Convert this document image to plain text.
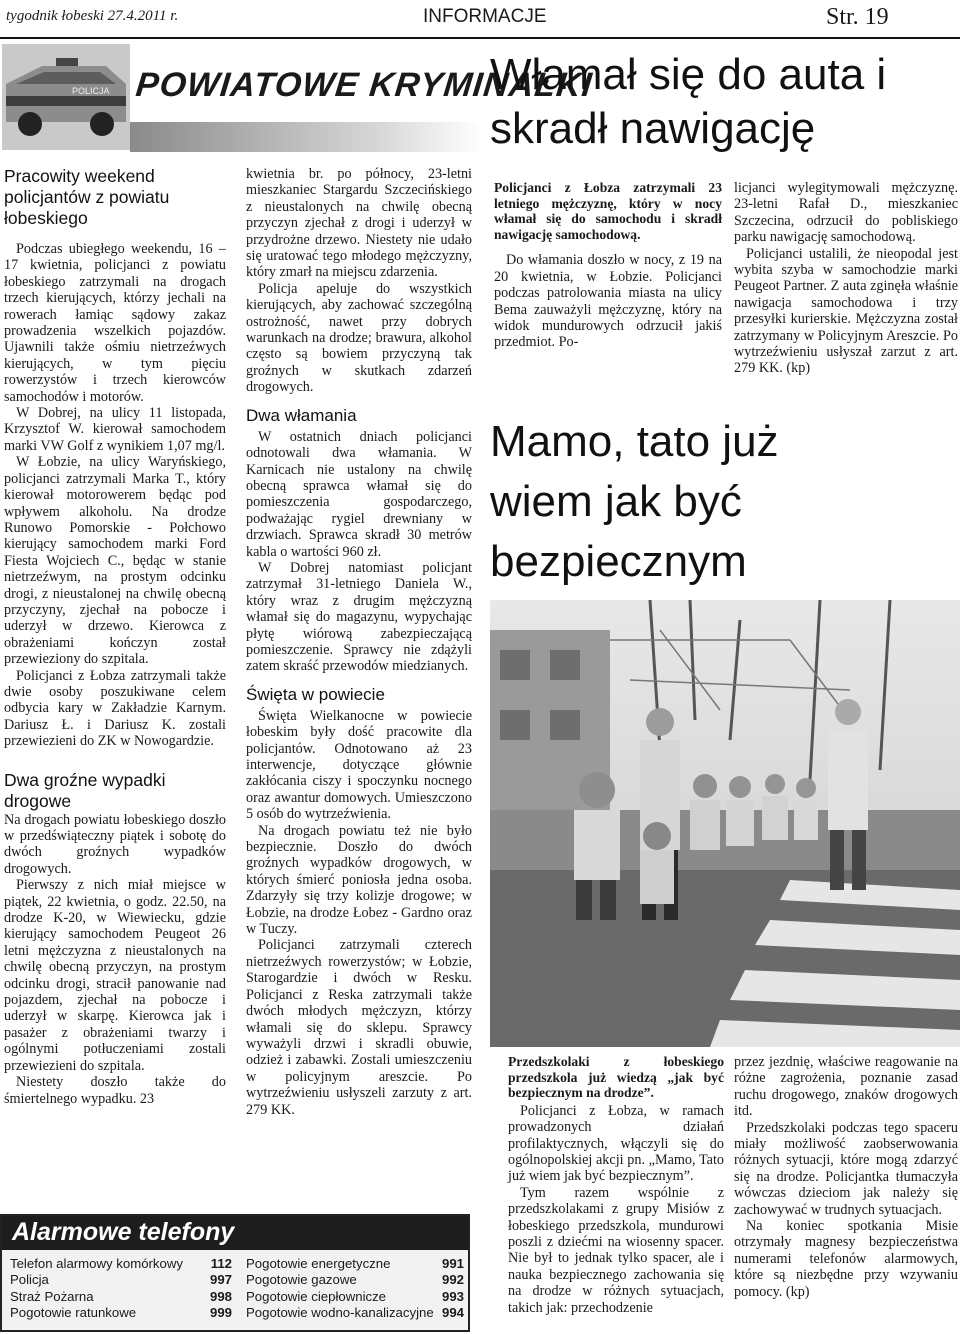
tygodnik łobeski 27.4.2011 r.	INFORMACJE	Str. 19
POLICJA POWIATOWE KRYMINAŁKI
Pracowity weekend policjantów z powiatu łobeskiego

Podczas ubiegłego weekendu, 16 – 17 kwietnia, policjanci z powiatu łobeskiego zatrzymali na drogach trzech kierujących, którzy jechali na rowerach łamiąc sądowy zakaz prowadzenia wszelkich pojazdów. Ujawnili także ośmiu nietrzeźwych kierujących, w tym pięciu rowerzystów i trzech kierowców samochodów i motorów.

W Dobrej, na ulicy 11 listopada, Krzysztof W. kierował samochodem marki VW Golf z wynikiem 1,07 mg/l.

W Łobzie, na ulicy Waryńskiego, policjanci zatrzymali Marka T., który kierował motorowerem będąc pod wpływem alkoholu. Na drodze Runowo Pomorskie - Połchowo kierujący samochodem marki Ford Fiesta Wojciech C., będąc w stanie nietrzeźwym, na prostym odcinku drogi, z nieustalonej na chwilę obecną przyczyny, zjechał na pobocze i uderzył w drzewo. Kierowca z obrażeniami kończyn został przewieziony do szpitala.

Policjanci z Łobza zatrzymali także dwie osoby poszukiwane celem odbycia kary w Zakładzie Karnym. Dariusz Ł. i Dariusz K. zostali przewiezieni do ZK w Nowogardzie.

Dwa groźne wypadki drogowe

Na drogach powiatu łobeskiego doszło w przedświąteczny piątek i sobotę do dwóch groźnych wypadków drogowych.

Pierwszy z nich miał miejsce w piątek, 22 kwietnia, o godz. 22.50, na drodze K-20, w Wiewiecku, gdzie kierujący samochodem Peugeot 26 letni mężczyzna z nieustalonych na chwilę obecną przyczyn, na prostym odcinku drogi, stracił panowanie nad pojazdem, zjechał na pobocze i uderzył w skarpę. Kierowca jak i pasażer z obrażeniami twarzy i ogólnymi potłuczeniami zostali przewiezieni do szpitala.

Niestety doszło także do śmiertelnego wypadku. 23

kwietnia br. po północy, 23-letni mieszkaniec Stargardu Szczecińskiego z nieustalonych na chwilę obecną przyczyn zjechał z drogi i uderzył w przydrożne drzewo. Niestety nie udało się uratować tego młodego mężczyzny, który zmarł na miejscu zdarzenia.

Policja apeluje do wszystkich kierujących, aby zachować szczególną ostrożność, nawet przy dobrych warunkach na drodze; brawura, alkohol często są bowiem przyczyną tak groźnych w skutkach zdarzeń drogowych.

Dwa włamania

W ostatnich dniach policjanci odnotowali dwa włamania. W Karnicach nie ustalony na chwilę obecną sprawca włamał się do pomieszczenia gospodarczego, podważając rygiel drewniany w drzwiach. Sprawca skradł 30 metrów kabla o wartości 960 zł.

W Dobrej natomiast policjant zatrzymał 31-letniego Daniela W., który wraz z drugim mężczyzną włamał się do magazynu, wypychając płytę wiórową zabezpieczającą pomieszczenie. Sprawcy nie zdążyli zatem skraść przewodów miedzianych.

Święta w powiecie

Święta Wielkanocne w powiecie łobeskim były dość pracowite dla policjantów. Odnotowano aż 23 interwencje, dotyczące głównie zakłócania ciszy i spoczynku nocnego oraz awantur domowych. Umieszczono 5 osób do wytrzeźwienia.

Na drogach powiatu też nie było bezpiecznie. Doszło do dwóch groźnych wypadków drogowych, w których śmierć poniosła jedna osoba. Zdarzyły się trzy kolizje drogowe; w Łobzie, na drodze Łobez - Gardno oraz w Tuczy.

Policjanci zatrzymali czterech nietrzeźwych rowerzystów; w Łobzie, Starogardzie i dwóch w Resku. Policjanci z Reska zatrzymali także dwóch młodych mężczyzn, którzy włamali się do sklepu. Sprawcy wyważyli drzwi i skradli obuwie, odzież i zabawki. Zostali umieszczeniu w policyjnym areszcie. Po wytrzeźwieniu usłyszeli zarzuty z art. 279 KK.

Alarmowe telefony
Telefon alarmowy komórkowy 112
Policja	997
Straż Pożarna	998
Pogotowie ratunkowe	999
Pogotowie energetyczne	991
Pogotowie gazowe	992
Pogotowie ciepłownicze	993
Pogotowie wodno-kanalizacyjne 994
Włamał się do auta i skradł nawigację
Policjanci z Łobza zatrzymali 23 letniego mężczyznę, który w nocy włamał się do samochodu i skradł nawigację samochodową.

Do włamania doszło w nocy, z 19 na 20 kwietnia, w Łobzie. Policjanci podczas patrolowania miasta na ulicy Bema zauważyli mężczyznę, który na widok mundurowych odrzucił jakiś przedmiot. Po-

licjanci wylegitymowali mężczyznę. 23-letni Rafał D., mieszkaniec Szczecina, odrzucił do pobliskiego parku nawigację samochodową.

Policjanci ustalili, że nieopodal jest wybita szyba w samochodzie marki Peugeot Partner. Z auta zginęła właśnie nawigacja samochodowa i trzy przesyłki kurierskie. Mężczyzna został zatrzymany w Policyjnym Areszcie. Po wytrzeźwieniu usłyszał zarzut z art. 279 KK. (kp)

Mamo, tato już wiem jak być bezpiecznym
Przedszkolaki z łobeskiego przedszkola już wiedzą „jak być bezpiecznym na drodze”.

Policjanci z Łobza, w ramach prowadzonych działań profilaktycznych, włączyli się do ogólnopolskiej akcji pn. „Mamo, Tato już wiem jak być bezpiecznym”.

Tym razem wspólnie z przedszkolakami z grupy Misiów z łobeskiego przedszkola, mundurowi poszli z dziećmi na wiosenny spacer. Nie był to jednak tylko spacer, ale i nauka bezpiecznego zachowania się na drodze w różnych sytuacjach, takich jak: przechodzenie

przez jezdnię, właściwe reagowanie na różne zagrożenia, poznanie zasad ruchu drogowego, znaków drogowych itd.

Przedszkolaki podczas tego spaceru miały możliwość zaobserwowania różnych sytuacji, które mogą zdarzyć się na drodze. Policjantka tłumaczyła wówczas dzieciom jak należy się zachowywać w trudnych sytuacjach.

Na koniec spotkania Misie otrzymały magnesy bezpieczeństwa numerami telefonów alarmowych, które są niezbędne przy wzywaniu pomocy. (kp)
